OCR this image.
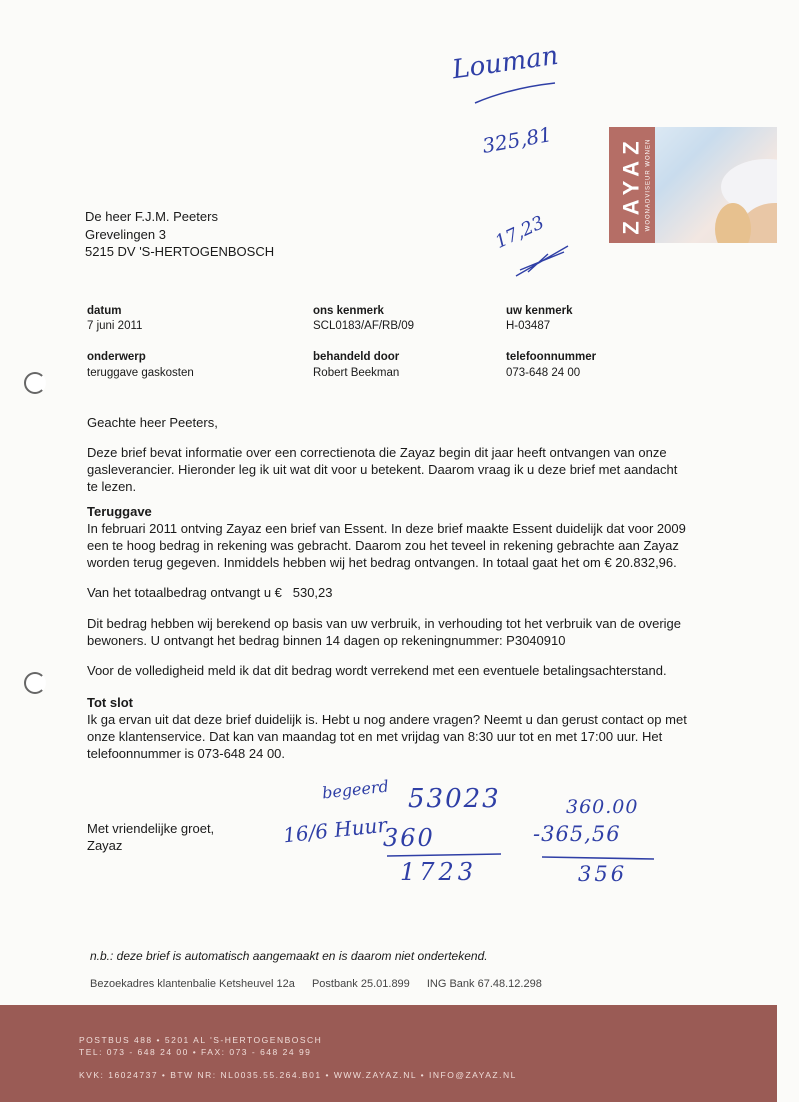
Louman
325,81
17,23	ZAYAZ WOONADVISEUR WONEN
De heer F.J.M. Peeters
Grevelingen 3
5215 DV 'S-HERTOGENBOSCH
datum
7 juni 2011
ons kenmerk
SCL0183/AF/RB/09
uw kenmerk
H-03487
onderwerp
teruggave gaskosten
behandeld door
Robert Beekman
telefoonnummer
073-648 24 00
Geachte heer Peeters,
Deze brief bevat informatie over een correctienota die Zayaz begin dit jaar heeft ontvangen van onze
gasleverancier. Hieronder leg ik uit wat dit voor u betekent. Daarom vraag ik u deze brief met aandacht
te lezen.
Teruggave
In februari 2011 ontving Zayaz een brief van Essent. In deze brief maakte Essent duidelijk dat voor 2009
een te hoog bedrag in rekening was gebracht. Daarom zou het teveel in rekening gebrachte aan Zayaz
worden terug gegeven. Inmiddels hebben wij het bedrag ontvangen. In totaal gaat het om € 20.832,96.
Van het totaalbedrag ontvangt u €   530,23
Dit bedrag hebben wij berekend op basis van uw verbruik, in verhouding tot het verbruik van de overige
bewoners. U ontvangt het bedrag binnen 14 dagen op rekeningnummer: P3040910
Voor de volledigheid meld ik dat dit bedrag wordt verrekend met een eventuele betalingsachterstand.
Tot slot
Ik ga ervan uit dat deze brief duidelijk is. Hebt u nog andere vragen? Neemt u dan gerust contact op met
onze klantenservice. Dat kan van maandag tot en met vrijdag van 8:30 uur tot en met 17:00 uur. Het
telefoonnummer is 073-648 24 00.
Met vriendelijke groet,
Zayaz
begeerd 53023
16/6 Huur
360
1723
360.00
-365,56
356
n.b.: deze brief is automatisch aangemaakt en is daarom niet ondertekend.
Bezoekadres klantenbalie Ketsheuvel 12a Postbank 25.01.899 ING Bank 67.48.12.298
POSTBUS 488 • 5201 AL 'S-HERTOGENBOSCH
TEL: 073 - 648 24 00 • FAX: 073 - 648 24 99
KVK: 16024737 • BTW NR: NL0035.55.264.B01 • WWW.ZAYAZ.NL • INFO@ZAYAZ.NL
